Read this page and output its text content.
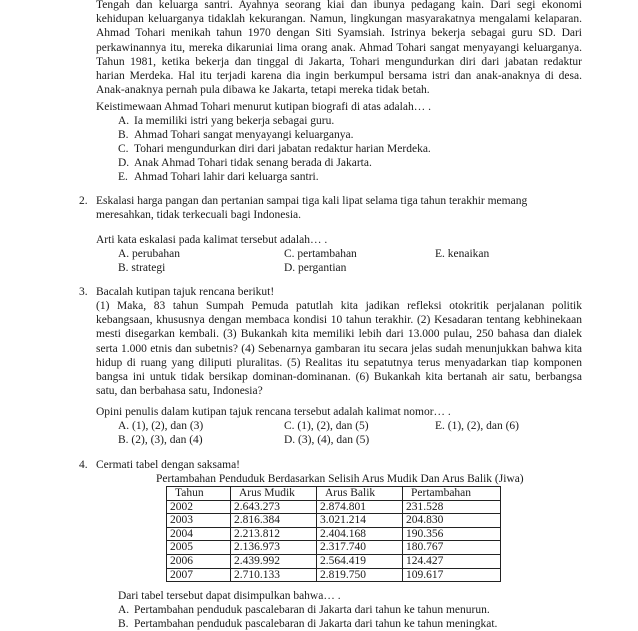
Tengah dan keluarga santri. Ayahnya seorang kiai dan ibunya pedagang kain. Dari segi ekonomi
kehidupan keluarganya tidaklah kekurangan. Namun, lingkungan masyarakatnya mengalami kelaparan.
Ahmad Tohari menikah tahun 1970 dengan Siti Syamsiah. Istrinya bekerja sebagai guru SD. Dari
perkawinannya itu, mereka dikaruniai lima orang anak. Ahmad Tohari sangat menyayangi keluarganya.
Tahun 1981, ketika bekerja dan tinggal di Jakarta, Tohari mengundurkan diri dari jabatan redaktur
harian Merdeka. Hal itu terjadi karena dia ingin berkumpul bersama istri dan anak-anaknya di desa.
Anak-anaknya pernah pula dibawa ke Jakarta, tetapi mereka tidak betah.
Keistimewaan Ahmad Tohari menurut kutipan biografi di atas adalah… .
A. Ia memiliki istri yang bekerja sebagai guru.
B. Ahmad Tohari sangat menyayangi keluarganya.
C. Tohari mengundurkan diri dari jabatan redaktur harian Merdeka.
D. Anak Ahmad Tohari tidak senang berada di Jakarta.
E. Ahmad Tohari lahir dari keluarga santri.
2. Eskalasi harga pangan dan pertanian sampai tiga kali lipat selama tiga tahun terakhir memang
meresahkan, tidak terkecuali bagi Indonesia.
Arti kata eskalasi pada kalimat tersebut adalah… .
A. perubahan
B. strategi
C. pertambahan
D. pergantian
E. kenaikan
3. Bacalah kutipan tajuk rencana berikut!
(1) Maka, 83 tahun Sumpah Pemuda patutlah kita jadikan refleksi otokritik perjalanan politik
kebangsaan, khususnya dengan membaca kondisi 10 tahun terakhir. (2) Kesadaran tentang kebhinekaan
mesti disegarkan kembali. (3) Bukankah kita memiliki lebih dari 13.000 pulau, 250 bahasa dan dialek
serta 1.000 etnis dan subetnis? (4) Sebenarnya gambaran itu secara jelas sudah menunjukkan bahwa kita
hidup di ruang yang diliputi pluralitas. (5) Realitas itu sepatutnya terus menyadarkan tiap komponen
bangsa ini untuk tidak bersikap dominan-dominanan. (6) Bukankah kita bertanah air satu, berbangsa
satu, dan berbahasa satu, Indonesia?
Opini penulis dalam kutipan tajuk rencana tersebut adalah kalimat nomor… .
A. (1), (2), dan (3)
B. (2), (3), dan (4)
C. (1), (2), dan (5)
D. (3), (4), dan (5)
E. (1), (2), dan (6)
4. Cermati tabel dengan saksama!
Pertambahan Penduduk Berdasarkan Selisih Arus Mudik Dan Arus Balik (Jiwa)
Tahun	Arus Mudik	Arus Balik	Pertambahan
2002	2.643.273	2.874.801	231.528
2003	2.816.384	3.021.214	204.830
2004	2.213.812	2.404.168	190.356
2005	2.136.973	2.317.740	180.767
2006	2.439.992	2.564.419	124.427
2007	2.710.133	2.819.750	109.617
Dari tabel tersebut dapat disimpulkan bahwa… .
A. Pertambahan penduduk pascalebaran di Jakarta dari tahun ke tahun menurun.
B. Pertambahan penduduk pascalebaran di Jakarta dari tahun ke tahun meningkat.
